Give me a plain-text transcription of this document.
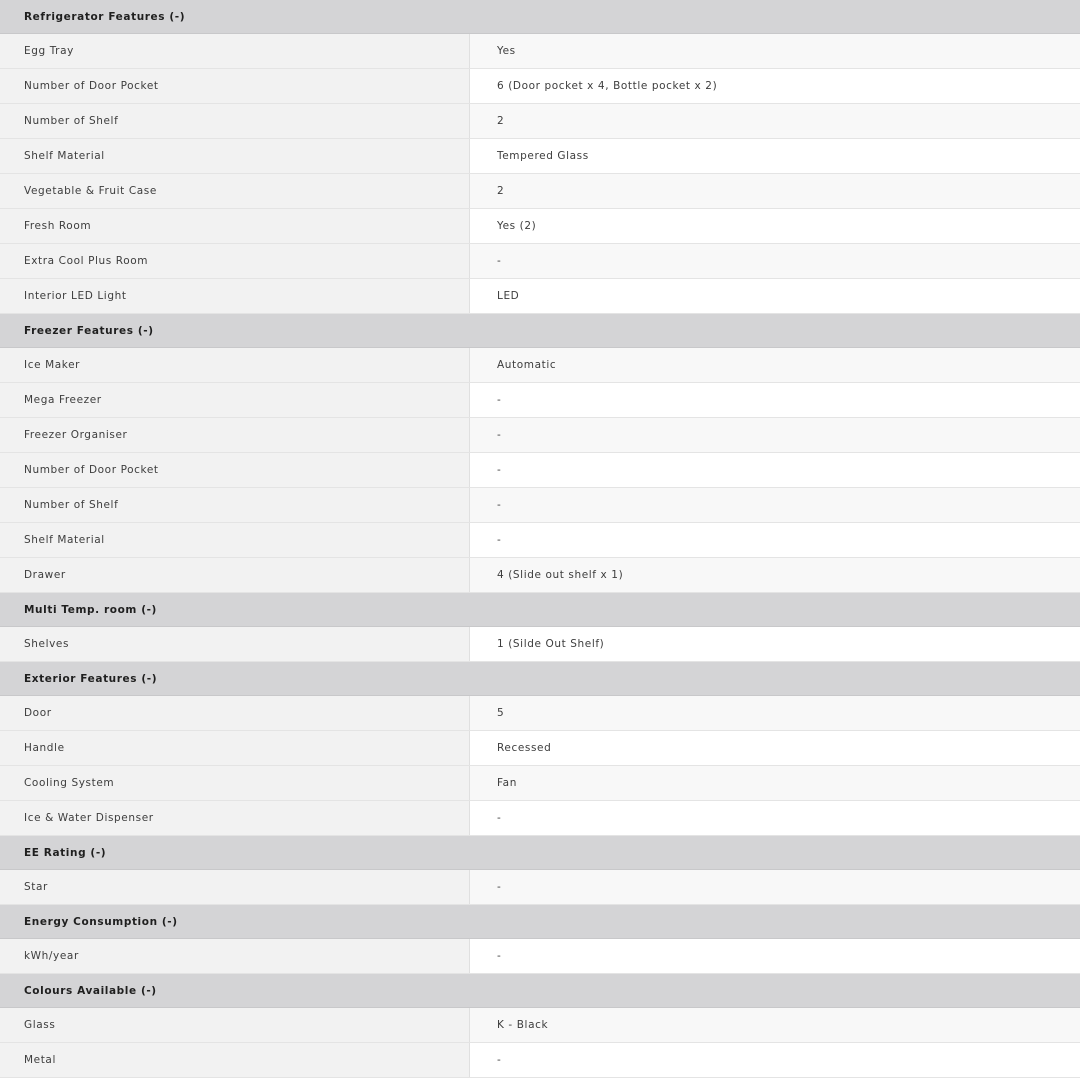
Refrigerator Features (-)
Egg Tray	Yes
Number of Door Pocket	6 (Door pocket x 4, Bottle pocket x 2)
Number of Shelf	2
Shelf Material	Tempered Glass
Vegetable & Fruit Case	2
Fresh Room	Yes (2)
Extra Cool Plus Room	-
Interior LED Light	LED
Freezer Features (-)
Ice Maker	Automatic
Mega Freezer	-
Freezer Organiser	-
Number of Door Pocket	-
Number of Shelf	-
Shelf Material	-
Drawer	4 (Slide out shelf x 1)
Multi Temp. room (-)
Shelves	1 (Silde Out Shelf)
Exterior Features (-)
Door	5
Handle	Recessed
Cooling System	Fan
Ice & Water Dispenser	-
EE Rating (-)
Star	-
Energy Consumption (-)
kWh/year	-
Colours Available (-)
Glass	K - Black
Metal	-
